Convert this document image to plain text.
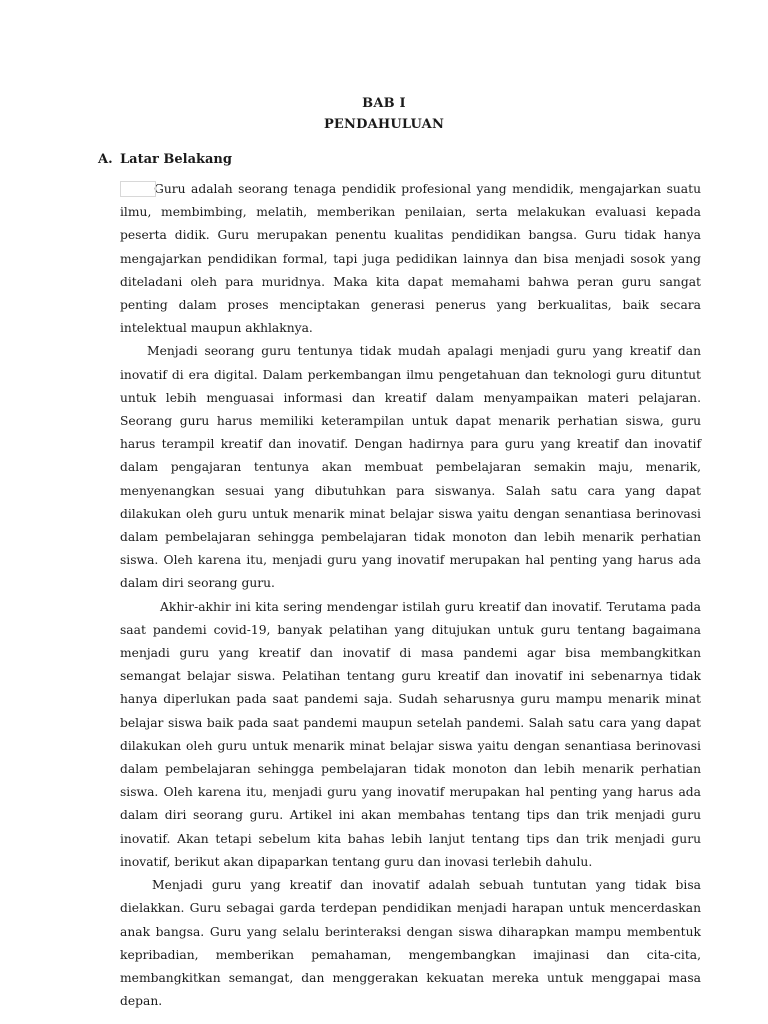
BAB I
PENDAHULUAN
A. Latar Belakang

Guru adalah seorang tenaga pendidik profesional yang mendidik, mengajarkan suatu ilmu, membimbing, melatih, memberikan penilaian, serta melakukan evaluasi kepada peserta didik. Guru merupakan penentu kualitas pendidikan bangsa. Guru tidak hanya mengajarkan pendidikan formal, tapi juga pedidikan lainnya dan bisa menjadi sosok yang diteladani oleh para muridnya. Maka kita dapat memahami bahwa peran guru sangat penting dalam proses menciptakan generasi penerus yang berkualitas, baik secara intelektual maupun akhlaknya.

Menjadi seorang guru tentunya tidak mudah apalagi menjadi guru yang kreatif dan inovatif di era digital. Dalam perkembangan ilmu pengetahuan dan teknologi guru dituntut untuk lebih menguasai informasi dan kreatif dalam menyampaikan materi pelajaran. Seorang guru harus memiliki keterampilan untuk dapat menarik perhatian siswa, guru harus terampil kreatif dan inovatif. Dengan hadirnya para guru yang kreatif dan inovatif dalam pengajaran tentunya akan membuat pembelajaran semakin maju, menarik, menyenangkan sesuai yang dibutuhkan para siswanya. Salah satu cara yang dapat dilakukan oleh guru untuk menarik minat belajar siswa yaitu dengan senantiasa berinovasi dalam pembelajaran sehingga pembelajaran tidak monoton dan lebih menarik perhatian siswa. Oleh karena itu, menjadi guru yang inovatif merupakan hal penting yang harus ada dalam diri seorang guru.

Akhir-akhir ini kita sering mendengar istilah guru kreatif dan inovatif. Terutama pada saat pandemi covid-19, banyak pelatihan yang ditujukan untuk guru tentang bagaimana menjadi guru yang kreatif dan inovatif di masa pandemi agar bisa membangkitkan semangat belajar siswa. Pelatihan tentang guru kreatif dan inovatif ini sebenarnya tidak hanya diperlukan pada saat pandemi saja. Sudah seharusnya guru mampu menarik minat belajar siswa baik pada saat pandemi maupun setelah pandemi. Salah satu cara yang dapat dilakukan oleh guru untuk menarik minat belajar siswa yaitu dengan senantiasa berinovasi dalam pembelajaran sehingga pembelajaran tidak monoton dan lebih menarik perhatian siswa. Oleh karena itu, menjadi guru yang inovatif merupakan hal penting yang harus ada dalam diri seorang guru. Artikel ini akan membahas tentang tips dan trik menjadi guru inovatif. Akan tetapi sebelum kita bahas lebih lanjut tentang tips dan trik menjadi guru inovatif, berikut akan dipaparkan tentang guru dan inovasi terlebih dahulu.

Menjadi guru yang kreatif dan inovatif adalah sebuah tuntutan yang tidak bisa dielakkan. Guru sebagai garda terdepan pendidikan menjadi harapan untuk mencerdaskan anak bangsa. Guru yang selalu berinteraksi dengan siswa diharapkan mampu membentuk kepribadian, memberikan pemahaman, mengembangkan imajinasi dan cita-cita, membangkitkan semangat, dan menggerakan kekuatan mereka untuk menggapai masa depan.
